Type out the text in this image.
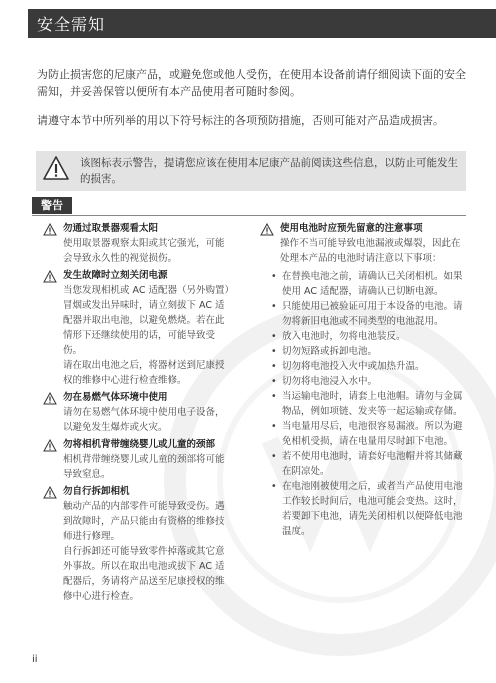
安全需知
为防止损害您的尼康产品，或避免您或他人受伤，在使用本设备前请仔细阅读下面的安全需知，并妥善保管以便所有本产品使用者可随时参阅。
请遵守本节中所列举的用以下符号标注的各项预防措施，否则可能对产品造成损害。
该图标表示警告，提请您应该在使用本尼康产品前阅读这些信息，以防止可能发生的损害。
警告
勿通过取景器观看太阳
使用取景器观察太阳或其它强光，可能会导致永久性的视觉损伤。
发生故障时立刻关闭电源
当您发现相机或 AC 适配器（另外购置）冒烟或发出异味时，请立刻拔下 AC 适配器并取出电池，以避免燃烧。若在此情形下还继续使用的话，可能导致受伤。
请在取出电池之后，将器材送到尼康授权的维修中心进行检查维修。
勿在易燃气体环境中使用
请勿在易燃气体环境中使用电子设备，以避免发生爆炸或火灾。
勿将相机背带缠绕婴儿或儿童的颈部
相机背带缠绕婴儿或儿童的颈部将可能导致窒息。
勿自行拆卸相机
触动产品的内部零件可能导致受伤。遇到故障时，产品只能由有资格的维修技师进行修理。
自行拆卸还可能导致零件掉落或其它意外事故。所以在取出电池或拔下 AC 适配器后，务请将产品送至尼康授权的维修中心进行检查。
使用电池时应预先留意的注意事项
操作不当可能导致电池漏液或爆裂，因此在处理本产品的电池时请注意以下事项：
• 在替换电池之前，请确认已关闭相机。如果使用 AC 适配器，请确认已切断电源。
• 只能使用已被验证可用于本设备的电池。请勿将新旧电池或不同类型的电池混用。
• 放入电池时，勿将电池装反。
• 切勿短路或拆卸电池。
• 切勿将电池投入火中或加热升温。
• 切勿将电池浸入水中。
• 当运输电池时，请套上电池帽。请勿与金属物品，例如项链、发夹等一起运输或存储。
• 当电量用尽后，电池很容易漏液。所以为避免相机受损，请在电量用尽时卸下电池。
• 若不使用电池时，请套好电池帽并将其储藏在阴凉处。
• 在电池刚被使用之后，或者当产品使用电池工作较长时间后，电池可能会变热。这时，若要卸下电池，请先关闭相机以便降低电池温度。
ii
